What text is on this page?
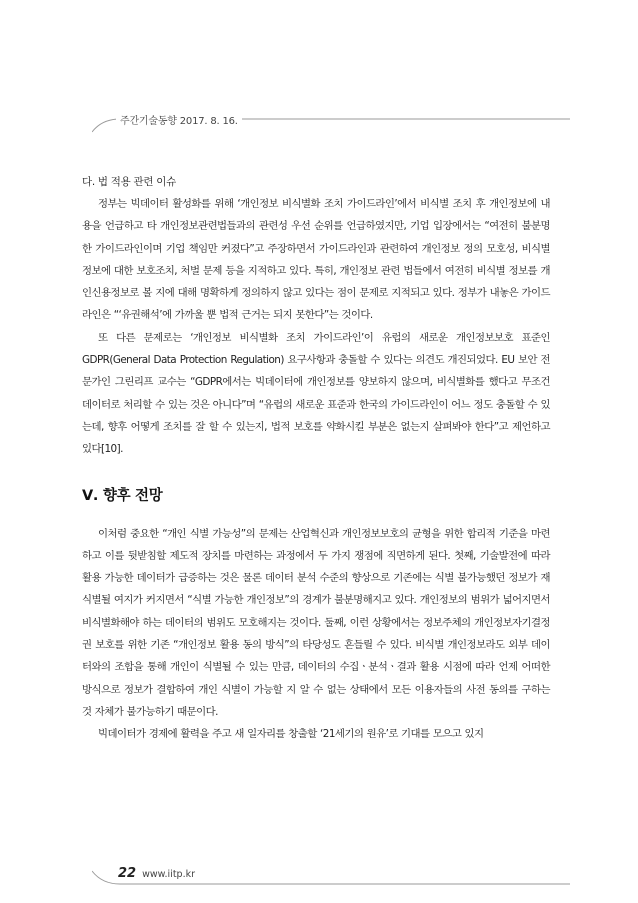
주간기술동향 2017. 8. 16.
다. 법 적용 관련 이슈

정부는 빅데이터 활성화를 위해 ‘개인정보 비식별화 조치 가이드라인’에서 비식별 조치 후 개인정보에 내용을 언급하고 타 개인정보관련법들과의 관련성 우선 순위를 언급하였지만, 기업 입장에서는 “여전히 불분명한 가이드라인이며 기업 책임만 커졌다”고 주장하면서 가이드라인과 관련하여 개인정보 정의 모호성, 비식별 정보에 대한 보호조치, 처벌 문제 등을 지적하고 있다. 특히, 개인정보 관련 법들에서 여전히 비식별 정보를 개인신용정보로 볼 지에 대해 명확하게 정의하지 않고 있다는 점이 문제로 지적되고 있다. 정부가 내놓은 가이드라인은 “‘유권해석’에 가까울 뿐 법적 근거는 되지 못한다”는 것이다.

또 다른 문제로는 ‘개인정보 비식별화 조치 가이드라인’이 유럽의 새로운 개인정보보호 표준인 GDPR(General Data Protection Regulation) 요구사항과 충돌할 수 있다는 의견도 개진되었다. EU 보안 전문가인 그린리프 교수는 “GDPR에서는 빅데이터에 개인정보를 양보하지 않으며, 비식별화를 했다고 무조건 데이터로 처리할 수 있는 것은 아니다”며 “유럽의 새로운 표준과 한국의 가이드라인이 어느 정도 충돌할 수 있는데, 향후 어떻게 조치를 잘 할 수 있는지, 법적 보호를 약화시킬 부분은 없는지 살펴봐야 한다”고 제언하고 있다[10].

Ⅴ. 향후 전망

이처럼 중요한 “개인 식별 가능성”의 문제는 산업혁신과 개인정보보호의 균형을 위한 합리적 기준을 마련하고 이를 뒷받침할 제도적 장치를 마련하는 과정에서 두 가지 쟁점에 직면하게 된다. 첫째, 기술발전에 따라 활용 가능한 데이터가 급증하는 것은 물론 데이터 분석 수준의 향상으로 기존에는 식별 불가능했던 정보가 재식별될 여지가 커지면서 “식별 가능한 개인정보”의 경계가 불분명해지고 있다. 개인정보의 범위가 넓어지면서 비식별화해야 하는 데이터의 범위도 모호해지는 것이다. 둘째, 이런 상황에서는 정보주체의 개인정보자기결정권 보호를 위한 기존 “개인정보 활용 동의 방식”의 타당성도 흔들릴 수 있다. 비식별 개인정보라도 외부 데이터와의 조합을 통해 개인이 식별될 수 있는 만큼, 데이터의 수집ㆍ분석ㆍ결과 활용 시점에 따라 언제 어떠한 방식으로 정보가 결합하여 개인 식별이 가능할 지 알 수 없는 상태에서 모든 이용자들의 사전 동의를 구하는 것 자체가 불가능하기 때문이다.

빅데이터가 경제에 활력을 주고 새 일자리를 창출할 ‘21세기의 원유’로 기대를 모으고 있지

22 www.iitp.kr
